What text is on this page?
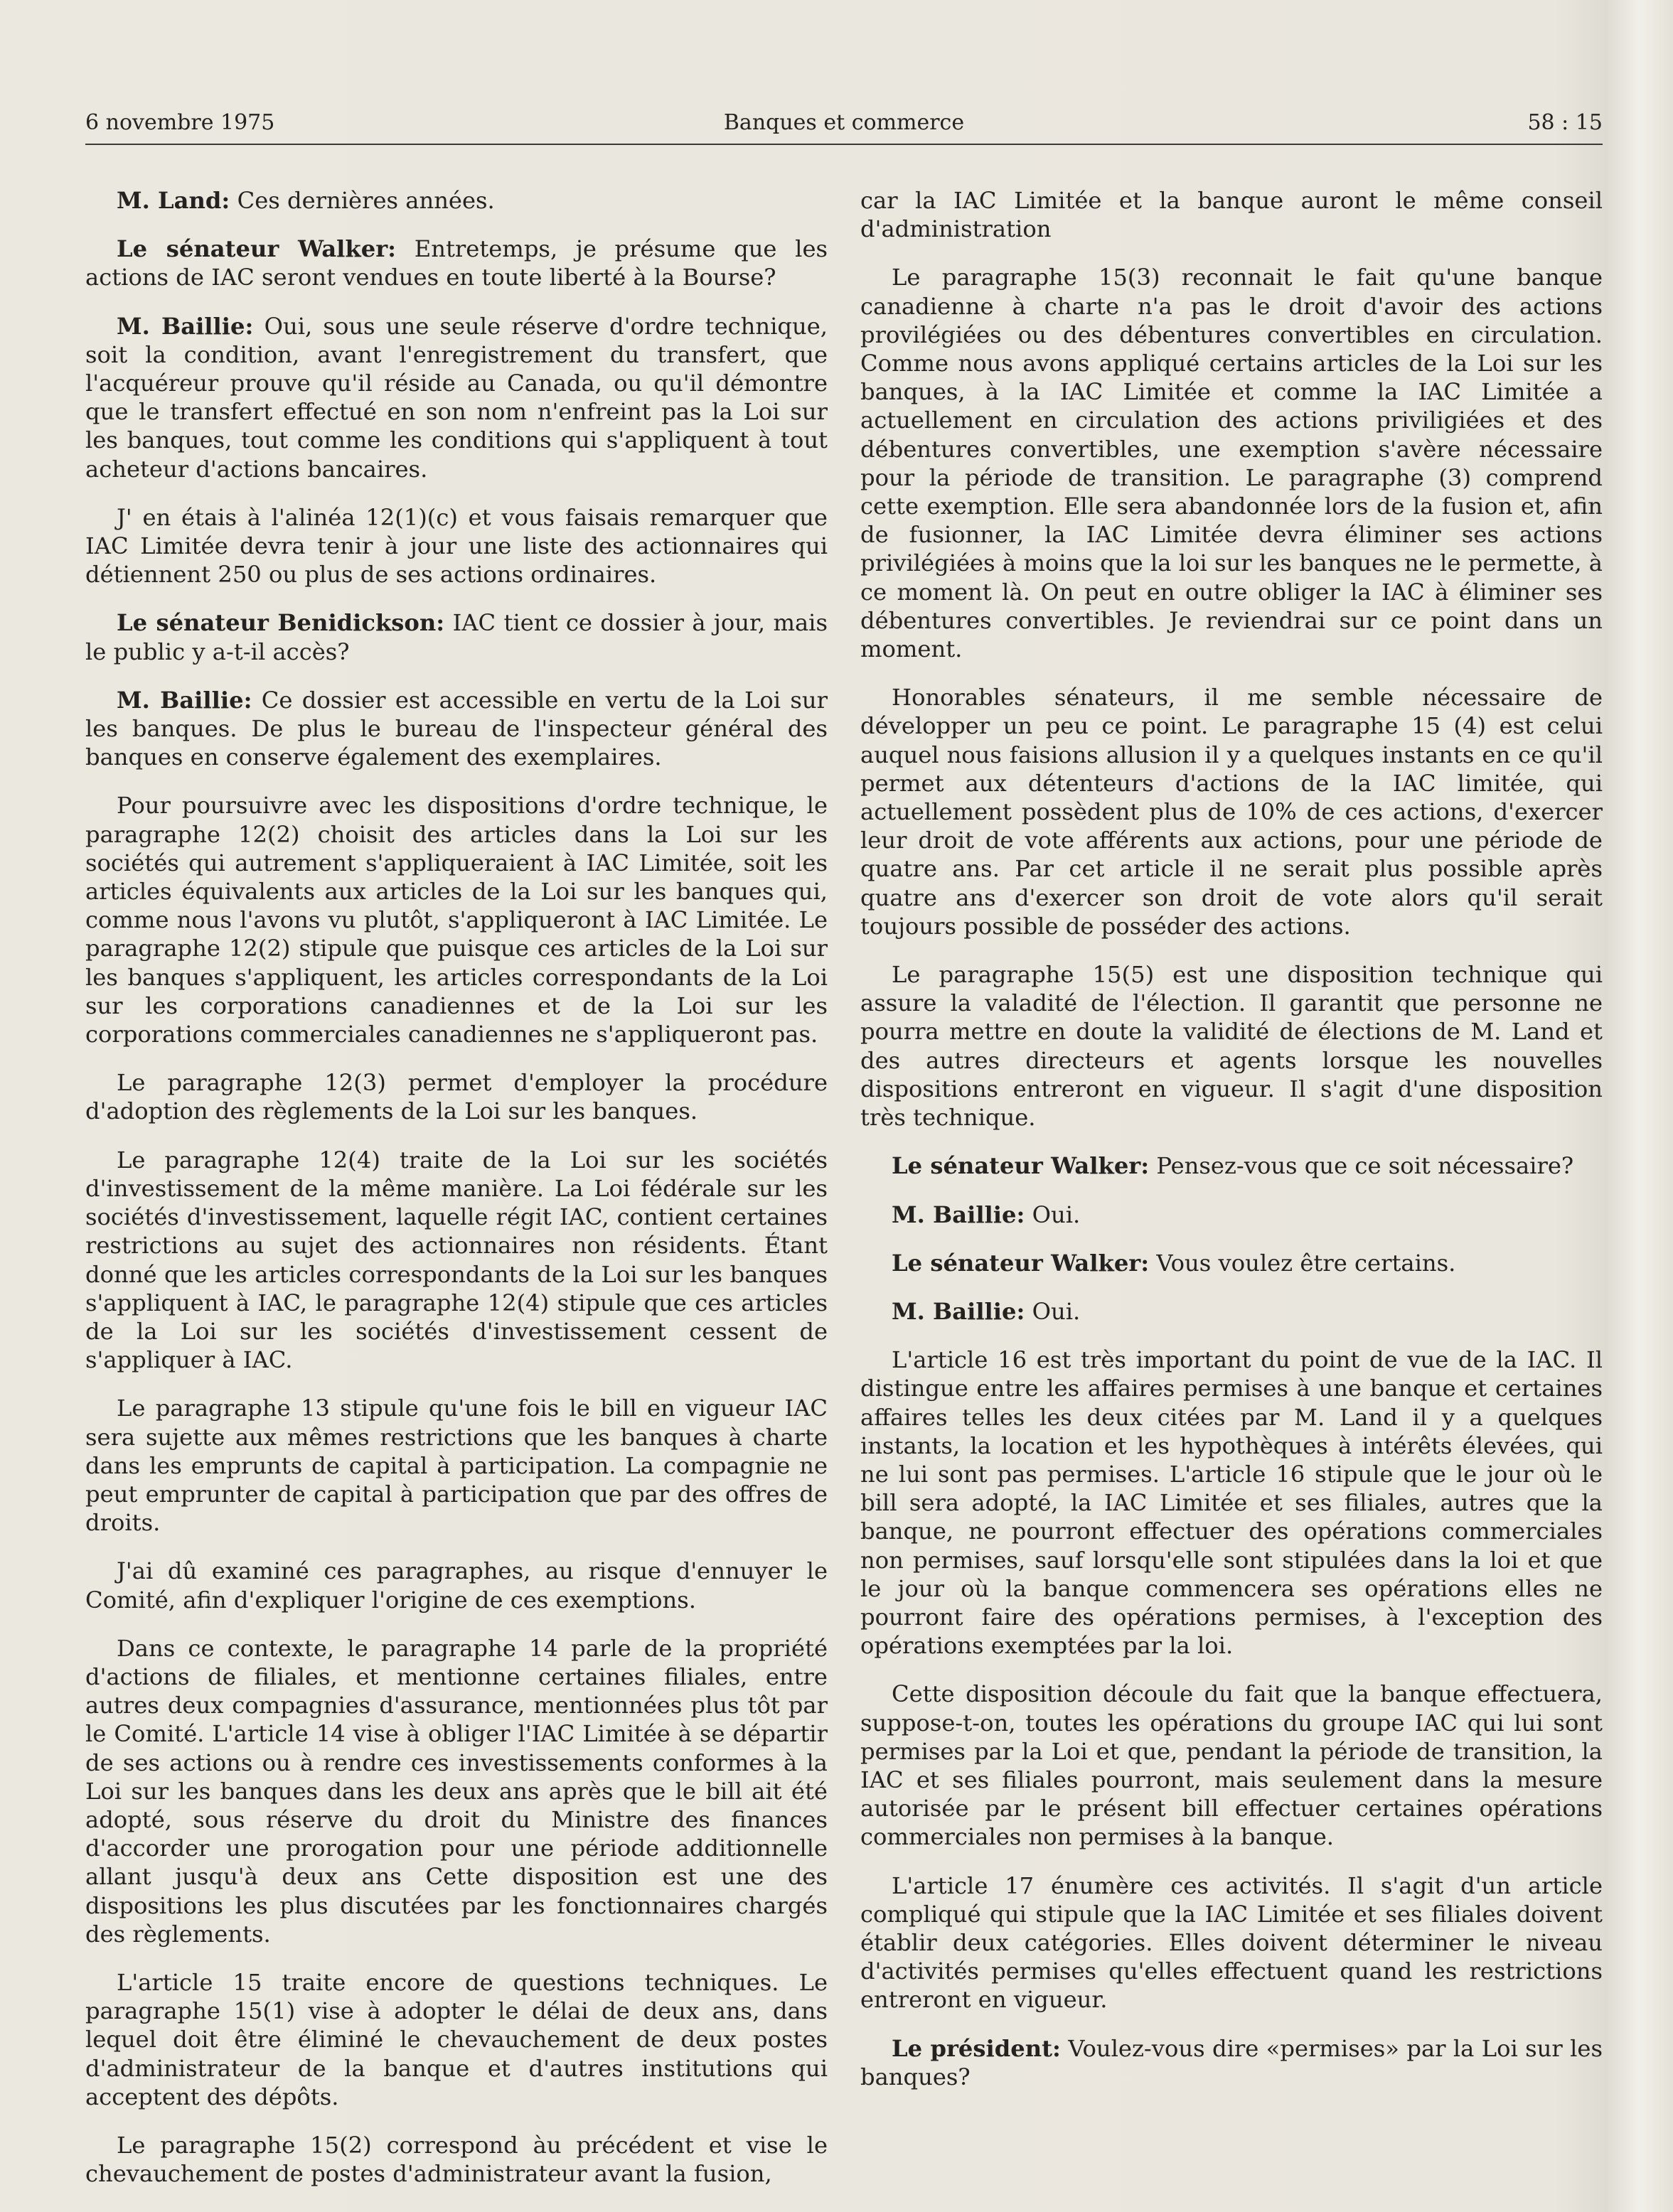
6 novembre 1975	Banques et commerce	58 : 15

M. Land: Ces dernières années.

Le sénateur Walker: Entretemps, je présume que les actions de IAC seront vendues en toute liberté à la Bourse?

M. Baillie: Oui, sous une seule réserve d'ordre technique, soit la condition, avant l'enregistrement du transfert, que l'acquéreur prouve qu'il réside au Canada, ou qu'il démontre que le transfert effectué en son nom n'enfreint pas la Loi sur les banques, tout comme les conditions qui s'appliquent à tout acheteur d'actions bancaires.

J' en étais à l'alinéa 12(1)(c) et vous faisais remarquer que IAC Limitée devra tenir à jour une liste des actionnaires qui détiennent 250 ou plus de ses actions ordinaires.

Le sénateur Benidickson: IAC tient ce dossier à jour, mais le public y a-t-il accès?

M. Baillie: Ce dossier est accessible en vertu de la Loi sur les banques. De plus le bureau de l'inspecteur général des banques en conserve également des exemplaires.

Pour poursuivre avec les dispositions d'ordre technique, le paragraphe 12(2) choisit des articles dans la Loi sur les sociétés qui autrement s'appliqueraient à IAC Limitée, soit les articles équivalents aux articles de la Loi sur les banques qui, comme nous l'avons vu plutôt, s'appliqueront à IAC Limitée. Le paragraphe 12(2) stipule que puisque ces articles de la Loi sur les banques s'appliquent, les articles correspondants de la Loi sur les corporations canadiennes et de la Loi sur les corporations commerciales canadiennes ne s'appliqueront pas.

Le paragraphe 12(3) permet d'employer la procédure d'adoption des règlements de la Loi sur les banques.

Le paragraphe 12(4) traite de la Loi sur les sociétés d'investissement de la même manière. La Loi fédérale sur les sociétés d'investissement, laquelle régit IAC, contient certaines restrictions au sujet des actionnaires non résidents. Étant donné que les articles correspondants de la Loi sur les banques s'appliquent à IAC, le paragraphe 12(4) stipule que ces articles de la Loi sur les sociétés d'investissement cessent de s'appliquer à IAC.

Le paragraphe 13 stipule qu'une fois le bill en vigueur IAC sera sujette aux mêmes restrictions que les banques à charte dans les emprunts de capital à participation. La compagnie ne peut emprunter de capital à participation que par des offres de droits.

J'ai dû examiné ces paragraphes, au risque d'ennuyer le Comité, afin d'expliquer l'origine de ces exemptions.

Dans ce contexte, le paragraphe 14 parle de la propriété d'actions de filiales, et mentionne certaines filiales, entre autres deux compagnies d'assurance, mentionnées plus tôt par le Comité. L'article 14 vise à obliger l'IAC Limitée à se départir de ses actions ou à rendre ces investissements conformes à la Loi sur les banques dans les deux ans après que le bill ait été adopté, sous réserve du droit du Ministre des finances d'accorder une prorogation pour une période additionnelle allant jusqu'à deux ans Cette disposition est une des dispositions les plus discutées par les fonctionnaires chargés des règlements.

L'article 15 traite encore de questions techniques. Le paragraphe 15(1) vise à adopter le délai de deux ans, dans lequel doit être éliminé le chevauchement de deux postes d'administrateur de la banque et d'autres institutions qui acceptent des dépôts.

Le paragraphe 15(2) correspond àu précédent et vise le chevauchement de postes d'administrateur avant la fusion,

car la IAC Limitée et la banque auront le même conseil d'administration

Le paragraphe 15(3) reconnait le fait qu'une banque canadienne à charte n'a pas le droit d'avoir des actions provilégiées ou des débentures convertibles en circulation. Comme nous avons appliqué certains articles de la Loi sur les banques, à la IAC Limitée et comme la IAC Limitée a actuellement en circulation des actions priviligiées et des débentures convertibles, une exemption s'avère nécessaire pour la période de transition. Le paragraphe (3) comprend cette exemption. Elle sera abandonnée lors de la fusion et, afin de fusionner, la IAC Limitée devra éliminer ses actions privilégiées à moins que la loi sur les banques ne le permette, à ce moment là. On peut en outre obliger la IAC à éliminer ses débentures convertibles. Je reviendrai sur ce point dans un moment.

Honorables sénateurs, il me semble nécessaire de développer un peu ce point. Le paragraphe 15 (4) est celui auquel nous faisions allusion il y a quelques instants en ce qu'il permet aux détenteurs d'actions de la IAC limitée, qui actuellement possèdent plus de 10% de ces actions, d'exercer leur droit de vote afférents aux actions, pour une période de quatre ans. Par cet article il ne serait plus possible après quatre ans d'exercer son droit de vote alors qu'il serait toujours possible de posséder des actions.

Le paragraphe 15(5) est une disposition technique qui assure la valadité de l'élection. Il garantit que personne ne pourra mettre en doute la validité de élections de M. Land et des autres directeurs et agents lorsque les nouvelles dispositions entreront en vigueur. Il s'agit d'une disposition très technique.

Le sénateur Walker: Pensez-vous que ce soit nécessaire?

M. Baillie: Oui.

Le sénateur Walker: Vous voulez être certains.

M. Baillie: Oui.

L'article 16 est très important du point de vue de la IAC. Il distingue entre les affaires permises à une banque et certaines affaires telles les deux citées par M. Land il y a quelques instants, la location et les hypothèques à intérêts élevées, qui ne lui sont pas permises. L'article 16 stipule que le jour où le bill sera adopté, la IAC Limitée et ses filiales, autres que la banque, ne pourront effectuer des opérations commerciales non permises, sauf lorsqu'elle sont stipulées dans la loi et que le jour où la banque commencera ses opérations elles ne pourront faire des opérations permises, à l'exception des opérations exemptées par la loi.

Cette disposition découle du fait que la banque effectuera, suppose-t-on, toutes les opérations du groupe IAC qui lui sont permises par la Loi et que, pendant la période de transition, la IAC et ses filiales pourront, mais seulement dans la mesure autorisée par le présent bill effectuer certaines opérations commerciales non permises à la banque.

L'article 17 énumère ces activités. Il s'agit d'un article compliqué qui stipule que la IAC Limitée et ses filiales doivent établir deux catégories. Elles doivent déterminer le niveau d'activités permises qu'elles effectuent quand les restrictions entreront en vigueur.

Le président: Voulez-vous dire «permises» par la Loi sur les banques?
